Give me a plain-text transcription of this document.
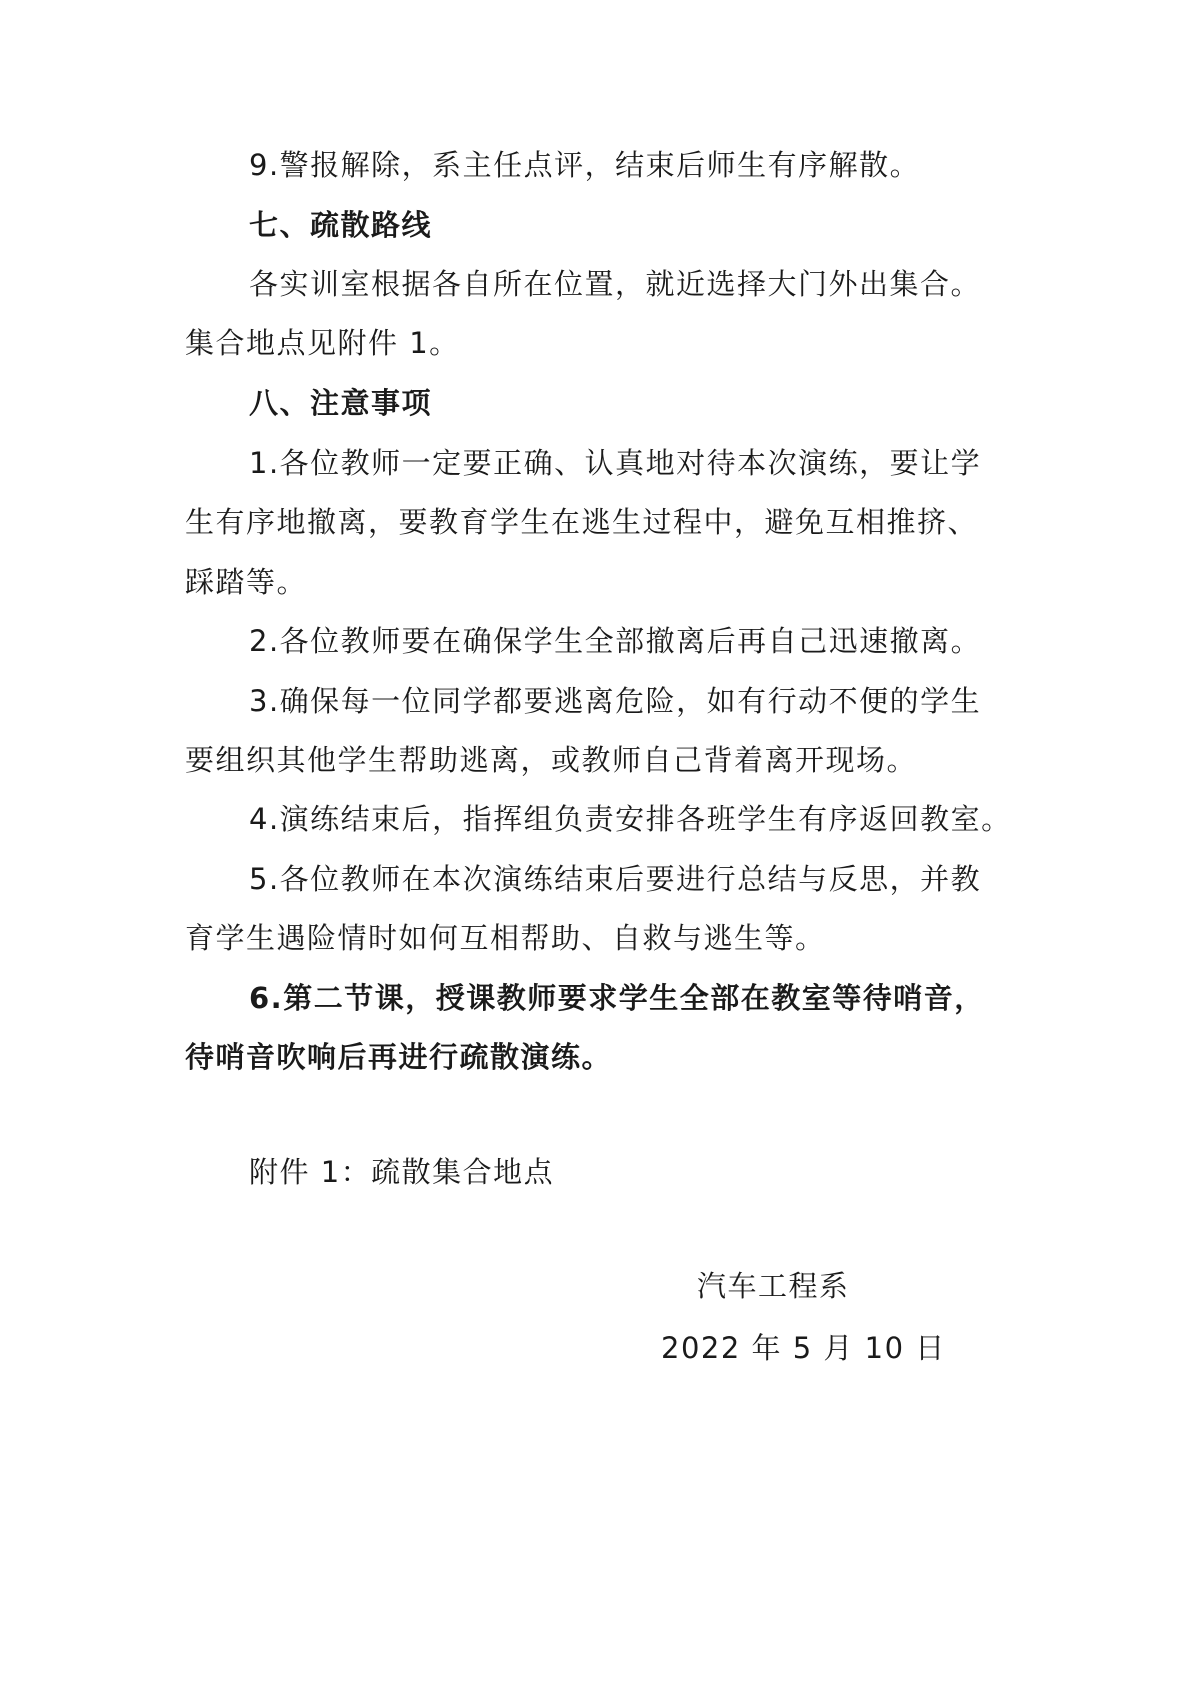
9.警报解除，系主任点评，结束后师生有序解散。
七、疏散路线
各实训室根据各自所在位置，就近选择大门外出集合。
集合地点见附件 1。
八、注意事项
1.各位教师一定要正确、认真地对待本次演练，要让学
生有序地撤离，要教育学生在逃生过程中，避免互相推挤、
踩踏等。
2.各位教师要在确保学生全部撤离后再自己迅速撤离。
3.确保每一位同学都要逃离危险，如有行动不便的学生
要组织其他学生帮助逃离，或教师自己背着离开现场。
4.演练结束后，指挥组负责安排各班学生有序返回教室。
5.各位教师在本次演练结束后要进行总结与反思，并教
育学生遇险情时如何互相帮助、自救与逃生等。
6.第二节课，授课教师要求学生全部在教室等待哨音，
待哨音吹响后再进行疏散演练。
附件 1：疏散集合地点
汽车工程系
2022 年 5 月 10 日
